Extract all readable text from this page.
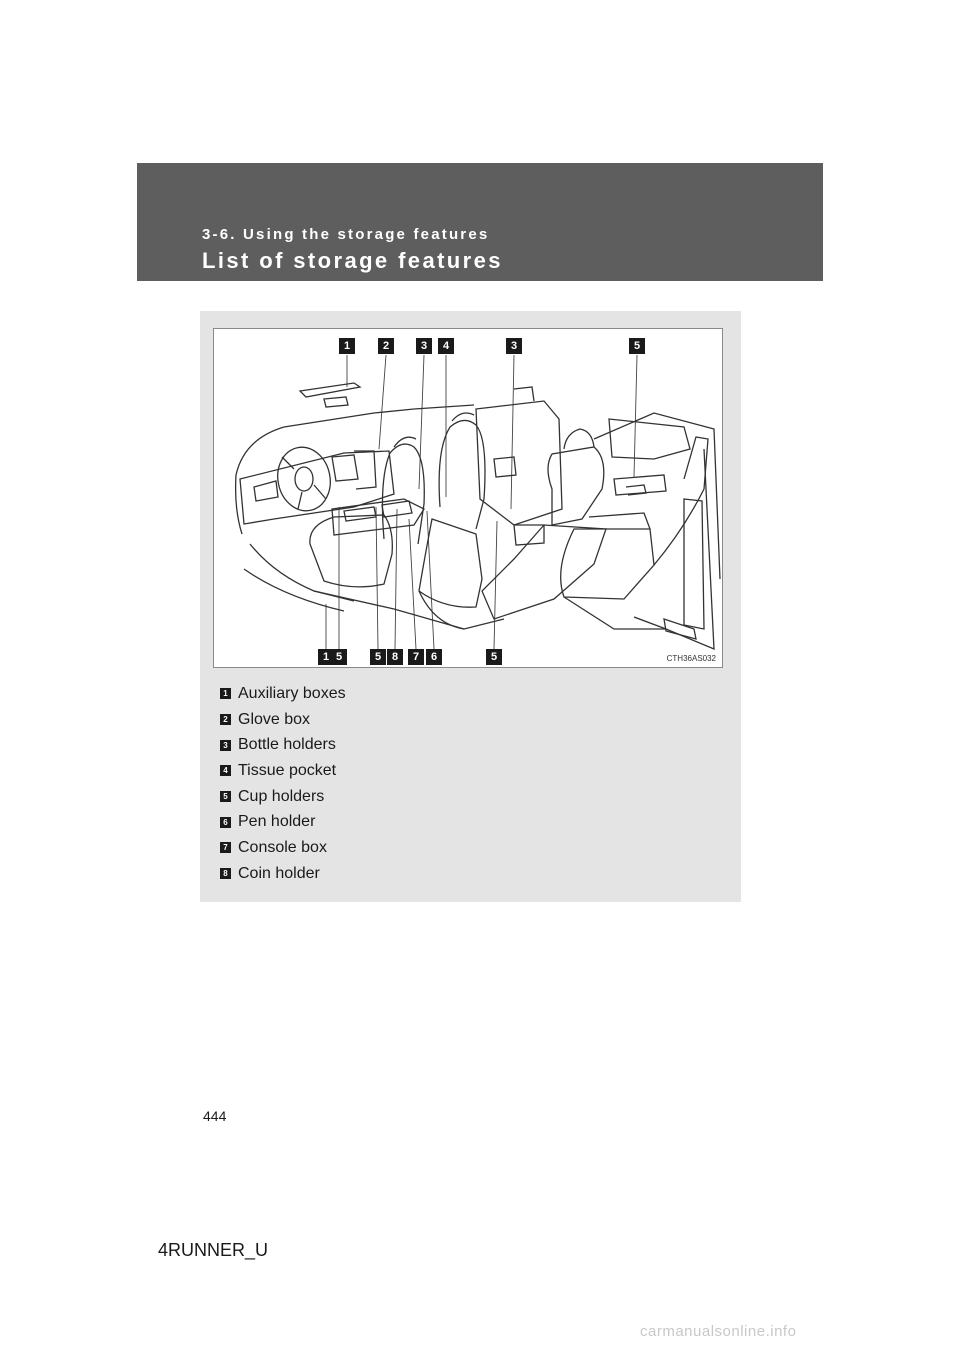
3-6. Using the storage features
List of storage features
1	2	3	4	3	5
1 5	5 8	7	6	5	CTH36AS032
1 Auxiliary boxes
2 Glove box
3 Bottle holders
4 Tissue pocket
5 Cup holders
6 Pen holder
7 Console box
8 Coin holder
444
4RUNNER_U
carmanualsonline.info
